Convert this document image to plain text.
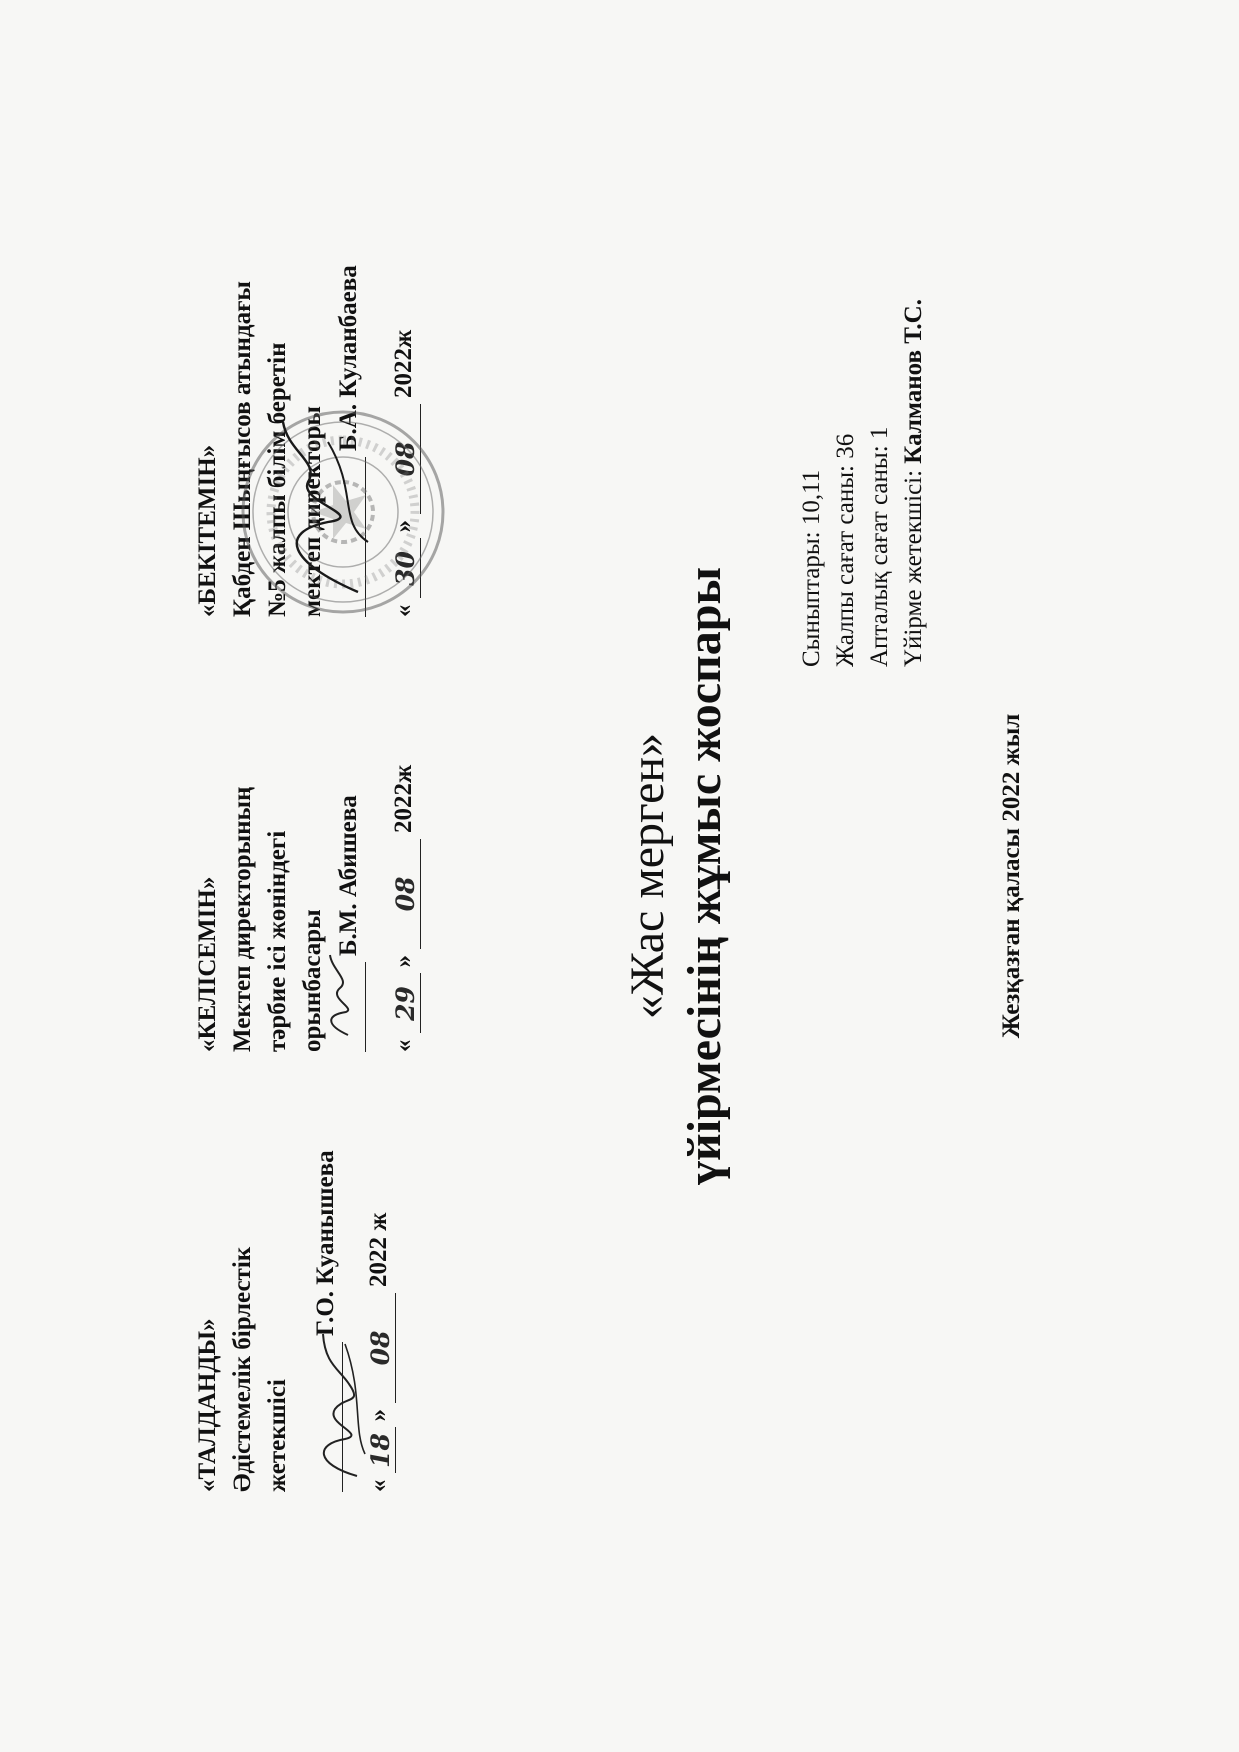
«ТАЛДАНДЫ» Әдістемелік бірлестік жетекшісі
Г.О. Куанышева
«
18
»
08
2022 ж
«КЕЛІСЕМІН» Мектеп директорының тәрбие ісі жөніндегі орынбасары
Б.М. Абишева
«
29
»
08
2022ж
«БЕКІТЕМІН» Қабден Шыңғысов атындағы №5 жалпы білім беретін мектеп директоры
Б.А. Куланбаева
«
30
»
08
2022ж
«Жас мерген» үйірмесінің жұмыс жоспары	Сыныптары: 10,11 Жалпы сағат саны: 36 Апталық сағат саны: 1 Үйірме жетекшісі: Калманов Т.С.
Жезқазған қаласы 2022 жыл
